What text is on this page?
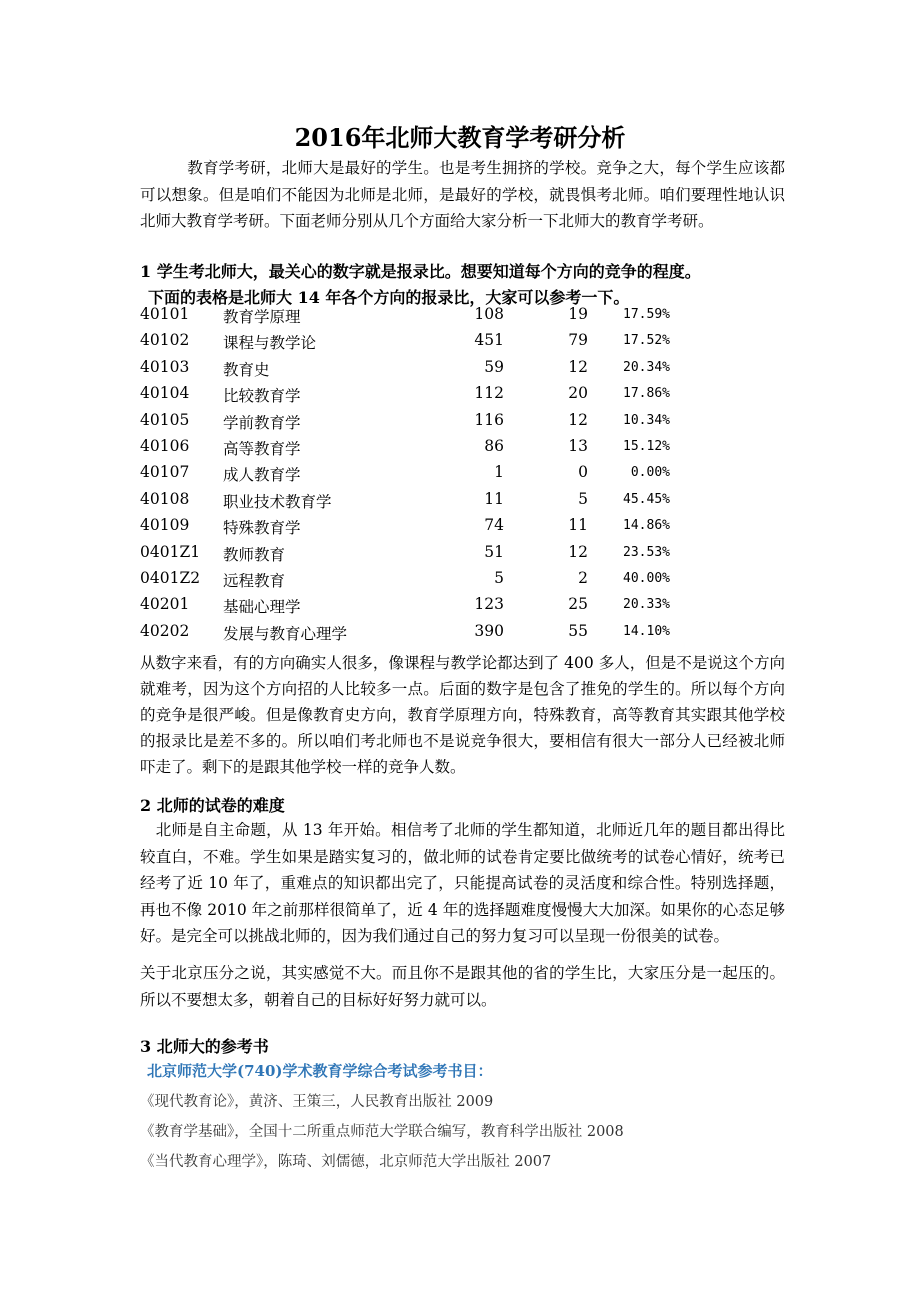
2016年北师大教育学考研分析
　　　教育学考研，北师大是最好的学生。也是考生拥挤的学校。竞争之大，每个学生应该都可以想象。但是咱们不能因为北师是北师，是最好的学校，就畏惧考北师。咱们要理性地认识北师大教育学考研。下面老师分别从几个方面给大家分析一下北师大的教育学考研。
1 学生考北师大，最关心的数字就是报录比。想要知道每个方向的竞争的程度。
下面的表格是北师大 14 年各个方向的报录比，大家可以参考一下。
40101 教育学原理	108	19	17.59%
40102 课程与教学论	451	79	17.52%
40103 教育史	59	12	20.34%
40104 比较教育学	112	20	17.86%
40105 学前教育学	116	12	10.34%
40106 高等教育学	86	13	15.12%
40107 成人教育学	1	0	0.00%
40108 职业技术教育学	11	5	45.45%
40109 特殊教育学	74	11	14.86%
0401Z1 教师教育	51	12	23.53%
0401Z2 远程教育	5	2	40.00%
40201 基础心理学	123	25	20.33%
40202 发展与教育心理学	390	55	14.10%
从数字来看，有的方向确实人很多，像课程与教学论都达到了 400 多人，但是不是说这个方向就难考，因为这个方向招的人比较多一点。后面的数字是包含了推免的学生的。所以每个方向的竞争是很严峻。但是像教育史方向，教育学原理方向，特殊教育，高等教育其实跟其他学校的报录比是差不多的。所以咱们考北师也不是说竞争很大，要相信有很大一部分人已经被北师吓走了。剩下的是跟其他学校一样的竞争人数。
2 北师的试卷的难度
　北师是自主命题，从 13 年开始。相信考了北师的学生都知道，北师近几年的题目都出得比较直白，不难。学生如果是踏实复习的，做北师的试卷肯定要比做统考的试卷心情好，统考已经考了近 10 年了，重难点的知识都出完了，只能提高试卷的灵活度和综合性。特别选择题，再也不像 2010 年之前那样很简单了，近 4 年的选择题难度慢慢大大加深。如果你的心态足够好。是完全可以挑战北师的，因为我们通过自己的努力复习可以呈现一份很美的试卷。
关于北京压分之说，其实感觉不大。而且你不是跟其他的省的学生比，大家压分是一起压的。所以不要想太多，朝着自己的目标好好努力就可以。
3 北师大的参考书
北京师范大学(740)学术教育学综合考试参考书目：
《现代教育论》，黄济、王策三，人民教育出版社 2009
《教育学基础》，全国十二所重点师范大学联合编写，教育科学出版社 2008
《当代教育心理学》，陈琦、刘儒德，北京师范大学出版社 2007
